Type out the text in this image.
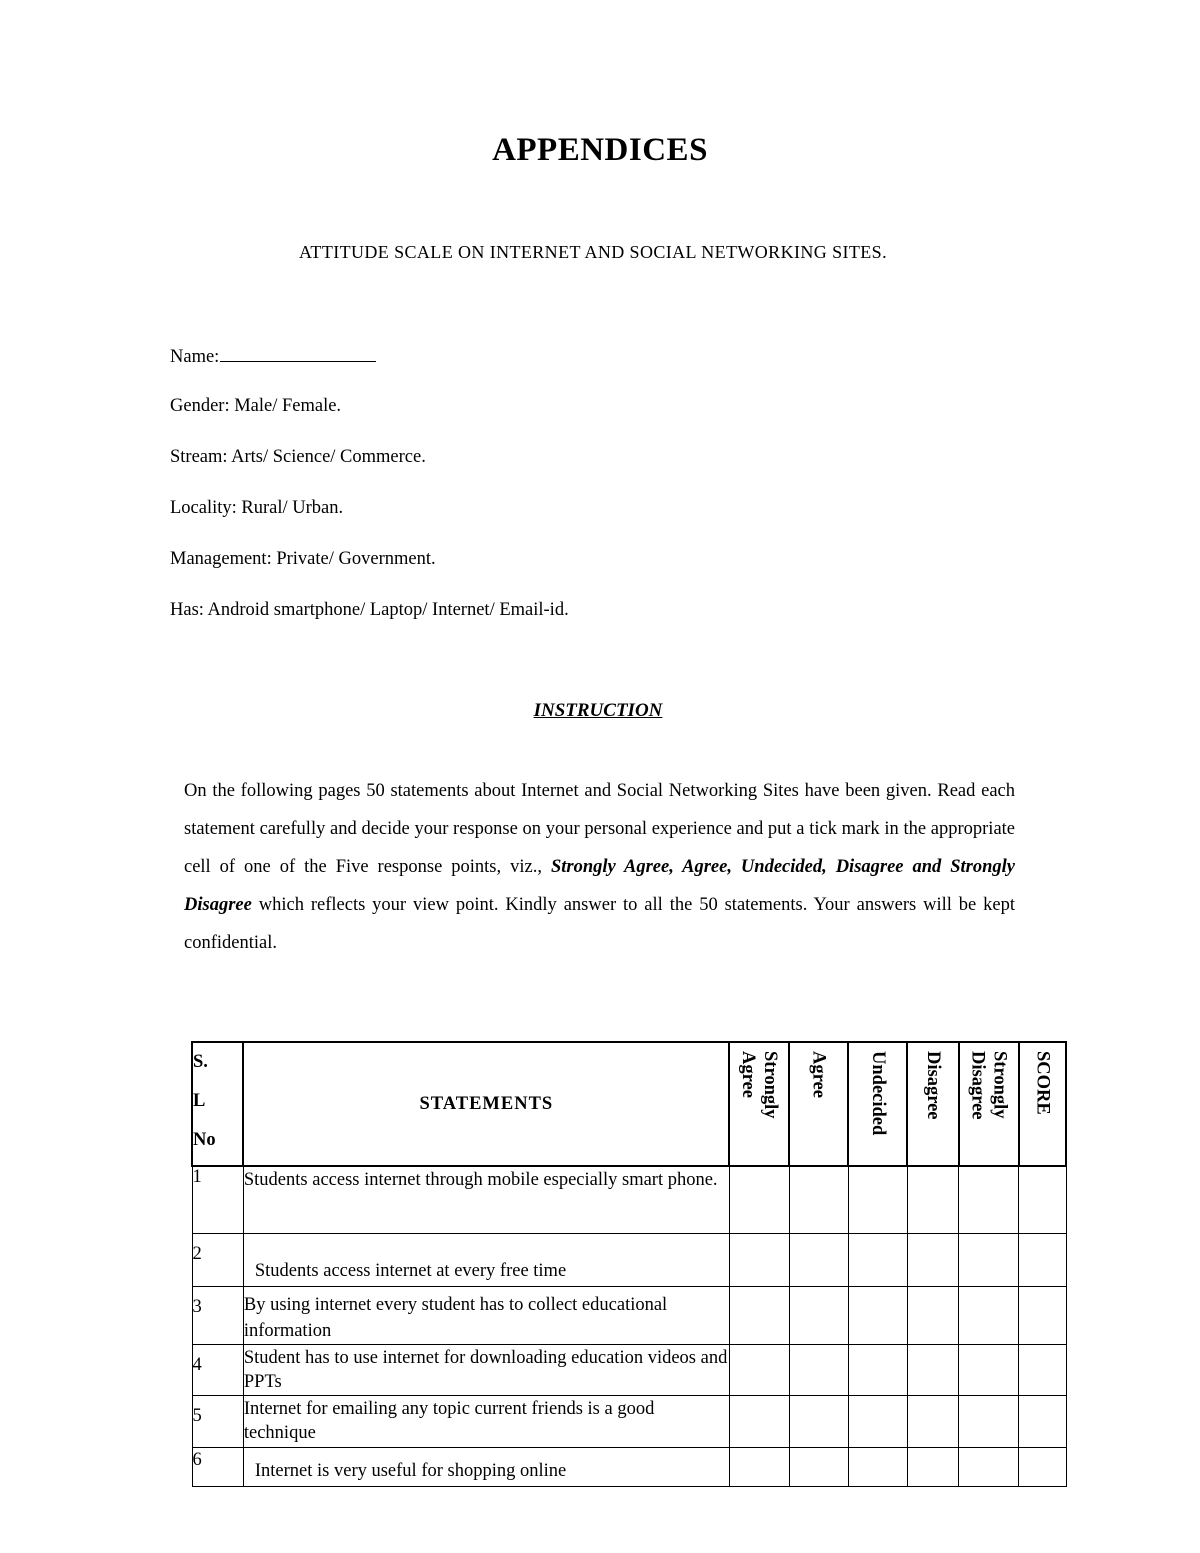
APPENDICES
ATTITUDE SCALE ON INTERNET AND SOCIAL NETWORKING SITES.
Name:
Gender: Male/ Female.
Stream: Arts/ Science/ Commerce.
Locality: Rural/ Urban.
Management: Private/ Government.
Has: Android smartphone/ Laptop/ Internet/ Email-id.
INSTRUCTION
On the following pages 50 statements about Internet and Social Networking Sites have been given. Read each statement carefully and decide your response on your personal experience and put a tick mark in the appropriate cell of one of the Five response points, viz., Strongly Agree, Agree, Undecided, Disagree and Strongly Disagree which reflects your view point. Kindly answer to all the 50 statements. Your answers will be kept confidential.
S.
L
No	STATEMENTS	Strongly Agree	Agree	Undecided	Disagree	Strongly Disagree	SCORE

1	Students access internet through mobile especially smart phone.						
2	Students access internet at every free time						
3	By using internet every student has to collect educational information						
4	Student has to use internet for downloading education videos and PPTs						
5	Internet for emailing any topic current friends is a good technique						
6	Internet is very useful for shopping online						
